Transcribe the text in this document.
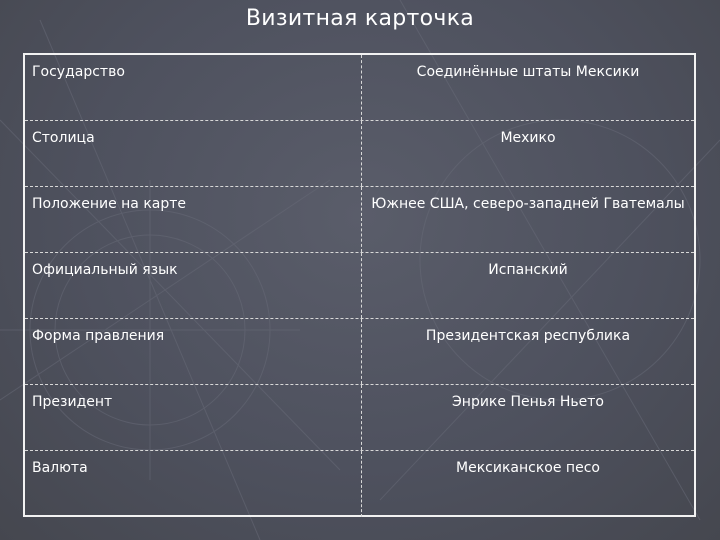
Визитная карточка
Государство	Соединённые штаты Мексики
Столица	Мехико
Положение на карте	Южнее США, северо-западней Гватемалы
Официальный язык	Испанский
Форма правления	Президентская республика
Президент	Энрике Пенья Ньето
Валюта	Мексиканское песо
